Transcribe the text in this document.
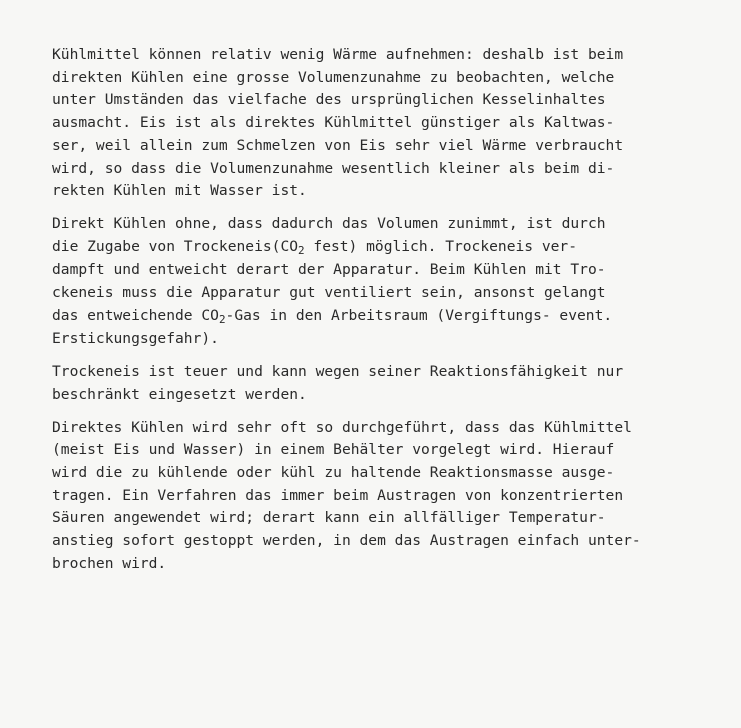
Kühlmittel können relativ wenig Wärme aufnehmen: deshalb ist beim
direkten Kühlen eine grosse Volumenzunahme zu beobachten, welche
unter Umständen das vielfache des ursprünglichen Kesselinhaltes
ausmacht. Eis ist als direktes Kühlmittel günstiger als Kaltwas-
ser, weil allein zum Schmelzen von Eis sehr viel Wärme verbraucht
wird, so dass die Volumenzunahme wesentlich kleiner als beim di-
rekten Kühlen mit Wasser ist.

Direkt Kühlen ohne, dass dadurch das Volumen zunimmt, ist durch
die Zugabe von $Trockeneis(CO_2$ fest) möglich. Trockeneis ver-
dampft und entweicht derart der Apparatur. Beim Kühlen mit Tro-
ckeneis muss die Apparatur gut ventiliert sein, ansonst gelangt
das entweichende $CO_2$-Gas in den Arbeitsraum (Vergiftungs- event.
Erstickungsgefahr).

Trockeneis ist teuer und kann wegen seiner Reaktionsfähigkeit nur
beschränkt eingesetzt werden.

Direktes Kühlen wird sehr oft so durchgeführt, dass das Kühlmittel
(meist Eis und Wasser) in einem Behälter vorgelegt wird. Hierauf
wird die zu kühlende oder kühl zu haltende Reaktionsmasse ausge-
tragen. Ein Verfahren das immer beim Austragen von konzentrierten
Säuren angewendet wird; derart kann ein allfälliger Temperatur-
anstieg sofort gestoppt werden, in dem das Austragen einfach unter-
brochen wird.
